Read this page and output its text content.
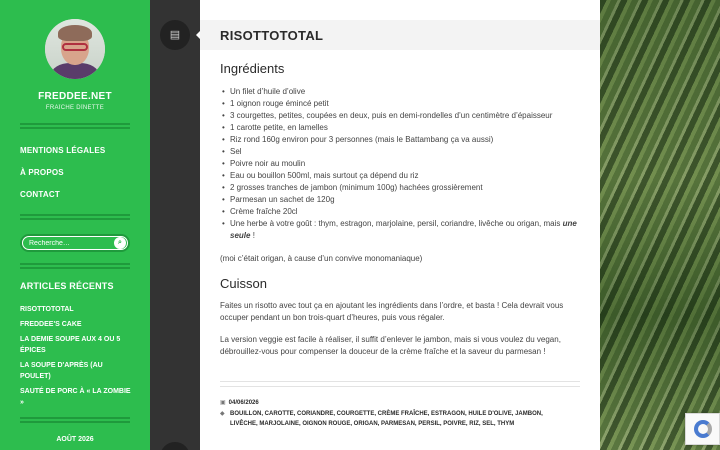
FREDDEE.NET
FRAÎCHE DÎNETTE
MENTIONS LÉGALES
À PROPOS
CONTACT
Recherche…
⌕
ARTICLES RÉCENTS
RISOTTOTOTAL
FREDDEE'S CAKE
LA DEMIE SOUPE AUX 4 OU 5 ÉPICES
LA SOUPE D'APRÈS (AU POULET)
SAUTÉ DE PORC À « LA ZOMBIE »
AOÛT 2026
▤	RISOTTOTOTAL
Ingrédients
• Un filet d’huile d’olive
• 1 oignon rouge émincé petit
• 3 courgettes, petites, coupées en deux, puis en demi-rondelles d’un centimètre d’épaisseur
• 1 carotte petite, en lamelles
• Riz rond 160g environ pour 3 personnes (mais le Battambang ça va aussi)
• Sel
• Poivre noir au moulin
• Eau ou bouillon 500ml, mais surtout ça dépend du riz
• 2 grosses tranches de jambon (minimum 100g) hachées grossièrement
• Parmesan un sachet de 120g
• Crème fraîche 20cl
• Une herbe à votre goût : thym, estragon, marjolaine, persil, coriandre, livêche ou origan, mais une seule !
(moi c’était origan, à cause d’un convive monomaniaque)
Cuisson

Faites un risotto avec tout ça en ajoutant les ingrédients dans l’ordre, et basta ! Cela devrait vous occuper pendant un bon trois-quart d’heures, puis vous régaler.

La version veggie est facile à réaliser, il suffit d’enlever le jambon, mais si vous voulez du vegan, débrouillez-vous pour compenser la douceur de la crème fraîche et la saveur du parmesan !

▣ 04/06/2026
◆ BOUILLON, CAROTTE, CORIANDRE, COURGETTE, CRÈME FRAÎCHE, ESTRAGON, HUILE D'OLIVE, JAMBON,
LIVÊCHE, MARJOLAINE, OIGNON ROUGE, ORIGAN, PARMESAN, PERSIL, POIVRE, RIZ, SEL, THYM
